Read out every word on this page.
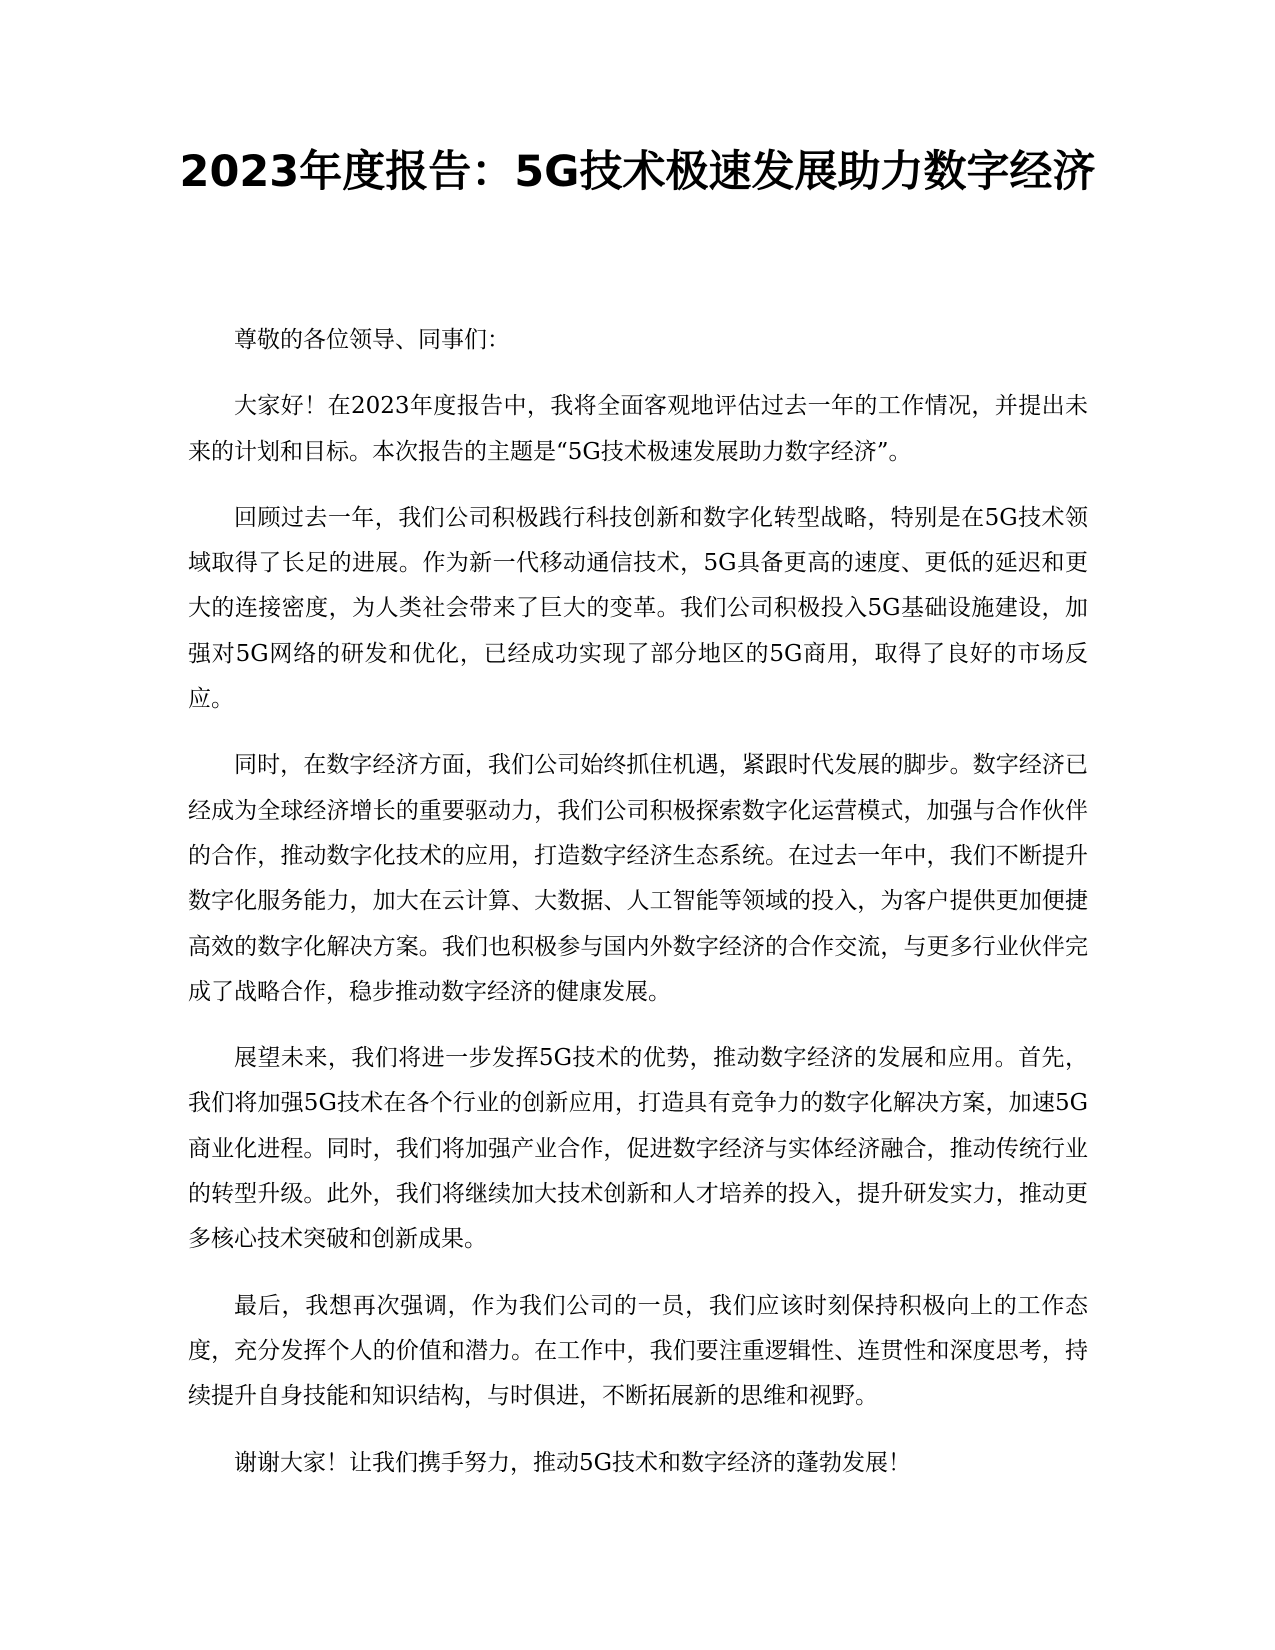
2023年度报告：5G技术极速发展助力数字经济

尊敬的各位领导、同事们：

大家好！在2023年度报告中，我将全面客观地评估过去一年的工作情况，并提出未来的计划和目标。本次报告的主题是“5G技术极速发展助力数字经济”。

回顾过去一年，我们公司积极践行科技创新和数字化转型战略，特别是在5G技术领域取得了长足的进展。作为新一代移动通信技术，5G具备更高的速度、更低的延迟和更大的连接密度，为人类社会带来了巨大的变革。我们公司积极投入5G基础设施建设，加强对5G网络的研发和优化，已经成功实现了部分地区的5G商用，取得了良好的市场反应。

同时，在数字经济方面，我们公司始终抓住机遇，紧跟时代发展的脚步。数字经济已经成为全球经济增长的重要驱动力，我们公司积极探索数字化运营模式，加强与合作伙伴的合作，推动数字化技术的应用，打造数字经济生态系统。在过去一年中，我们不断提升数字化服务能力，加大在云计算、大数据、人工智能等领域的投入，为客户提供更加便捷高效的数字化解决方案。我们也积极参与国内外数字经济的合作交流，与更多行业伙伴完成了战略合作，稳步推动数字经济的健康发展。

展望未来，我们将进一步发挥5G技术的优势，推动数字经济的发展和应用。首先，我们将加强5G技术在各个行业的创新应用，打造具有竞争力的数字化解决方案，加速5G商业化进程。同时，我们将加强产业合作，促进数字经济与实体经济融合，推动传统行业的转型升级。此外，我们将继续加大技术创新和人才培养的投入，提升研发实力，推动更多核心技术突破和创新成果。

最后，我想再次强调，作为我们公司的一员，我们应该时刻保持积极向上的工作态度，充分发挥个人的价值和潜力。在工作中，我们要注重逻辑性、连贯性和深度思考，持续提升自身技能和知识结构，与时俱进，不断拓展新的思维和视野。

谢谢大家！让我们携手努力，推动5G技术和数字经济的蓬勃发展！
